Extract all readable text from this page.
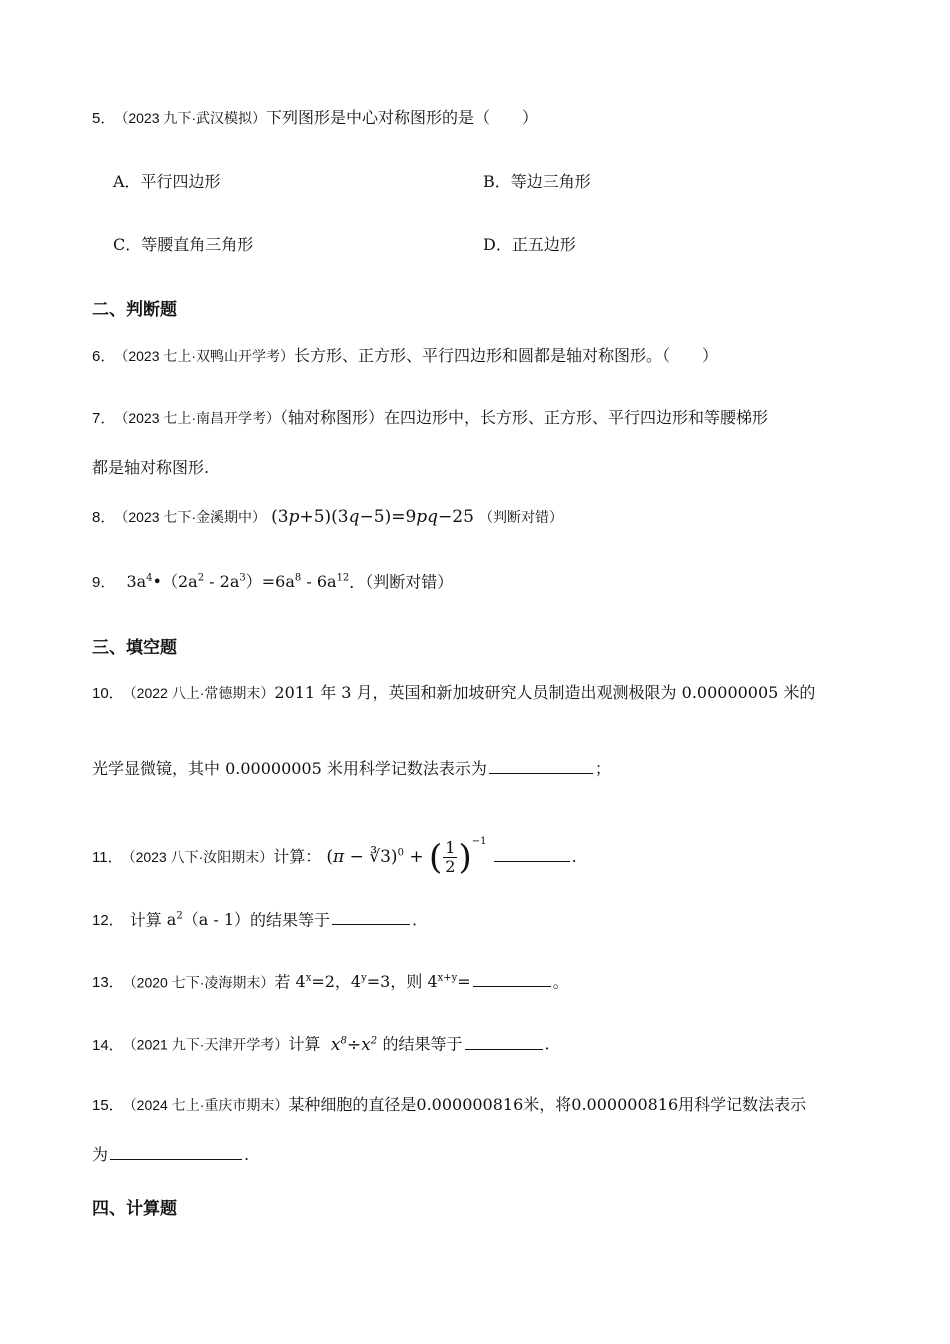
5． （2023 九下·武汉模拟）下列图形是中心对称图形的是（　　）
A．平行四边形	B．等边三角形
C．等腰直角三角形	D．正五边形
二、判断题
6． （2023 七上·双鸭山开学考）长方形、正方形、平行四边形和圆都是轴对称图形。（　　）
7． （2023 七上·南昌开学考）（轴对称图形）在四边形中，长方形、正方形、平行四边形和等腰梯形
都是轴对称图形.
8． （2023 七下·金溪期中） (3p+5)(3q−5)=9pq−25 （判断对错）
9． $3a^4•(2a^2 - 2a^3)=6a^8 - 6a^{12}$．（判断对错）
三、填空题
10． （2022 八上·常德期末）2011 年 3 月，英国和新加坡研究人员制造出观测极限为 0.00000005 米的
光学显微镜，其中 0.00000005 米用科学记数法表示为	；
11． （2023 八下·汝阳期末）计算： (π − ∛3)$^0$ + ( $\frac{1}{2} )^{-1}$ .
12． 计算 $a^2(a - 1)$的结果等于	.
13． （2020 七下·凌海期末）若 $4^x=2$，$4^y=3$，则 $4^{x+y}=$	。
14． （2021 九下·天津开学考）计算  $x^8\div x^2$ 的结果等于	.
15． （2024 七上·重庆市期末）某种细胞的直径是0.000000816米，将0.000000816用科学记数法表示
为	.
四、计算题
